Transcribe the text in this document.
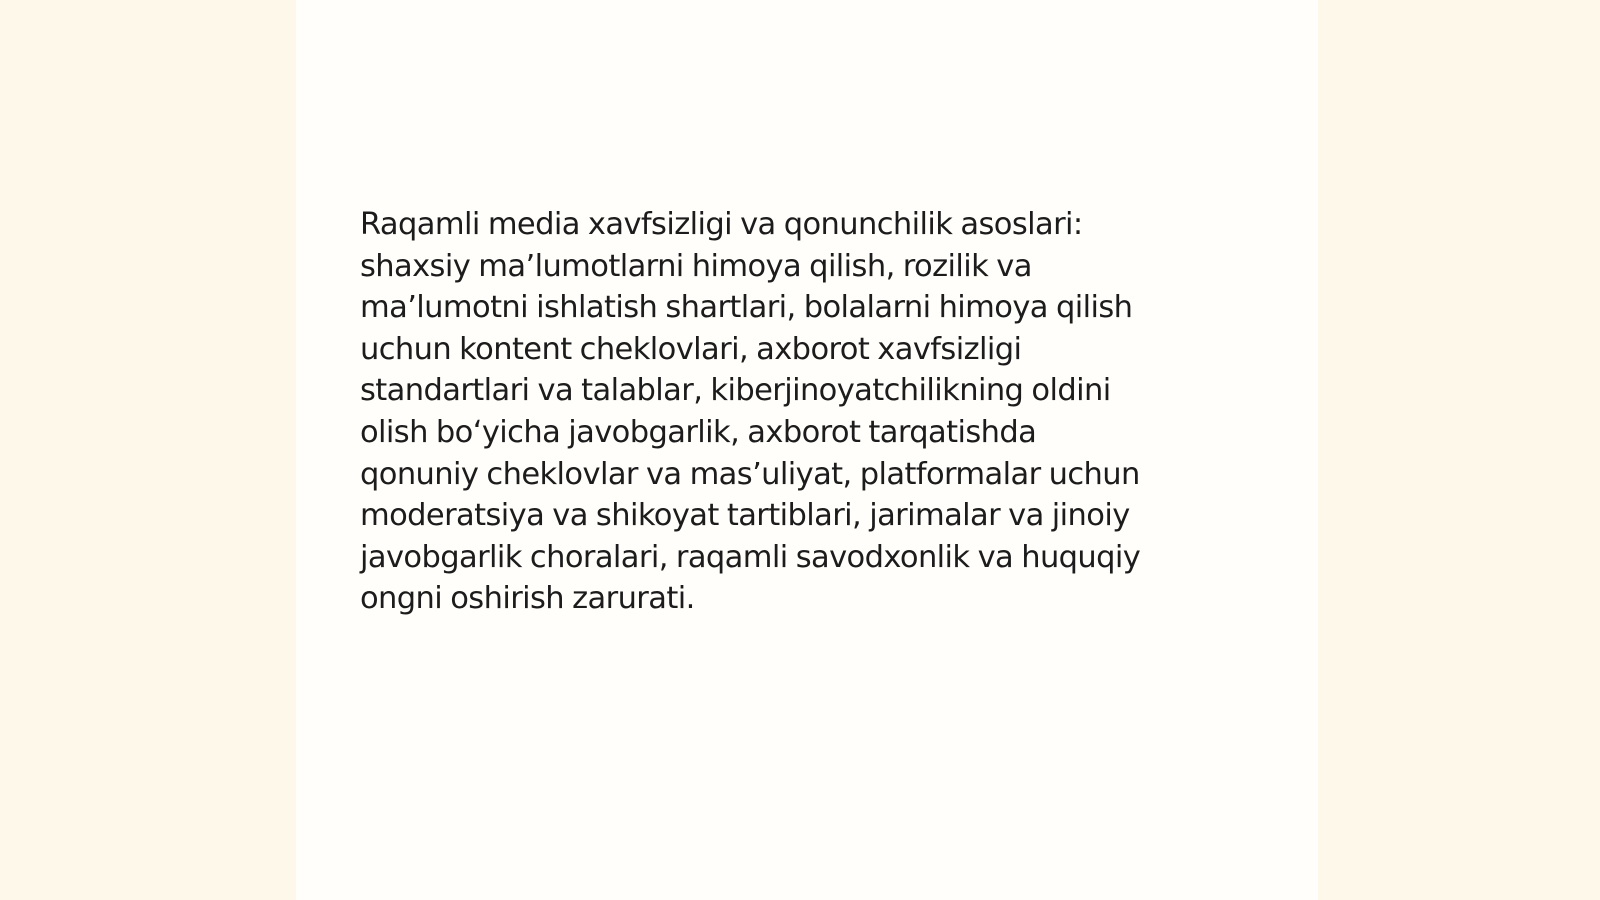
Raqamli media xavfsizligi va qonunchilik asoslari:
shaxsiy ma’lumotlarni himoya qilish, rozilik va
ma’lumotni ishlatish shartlari, bolalarni himoya qilish
uchun kontent cheklovlari, axborot xavfsizligi
standartlari va talablar, kiberjinoyatchilikning oldini
olish bo‘yicha javobgarlik, axborot tarqatishda
qonuniy cheklovlar va mas’uliyat, platformalar uchun
moderatsiya va shikoyat tartiblari, jarimalar va jinoiy
javobgarlik choralari, raqamli savodxonlik va huquqiy
ongni oshirish zarurati.
